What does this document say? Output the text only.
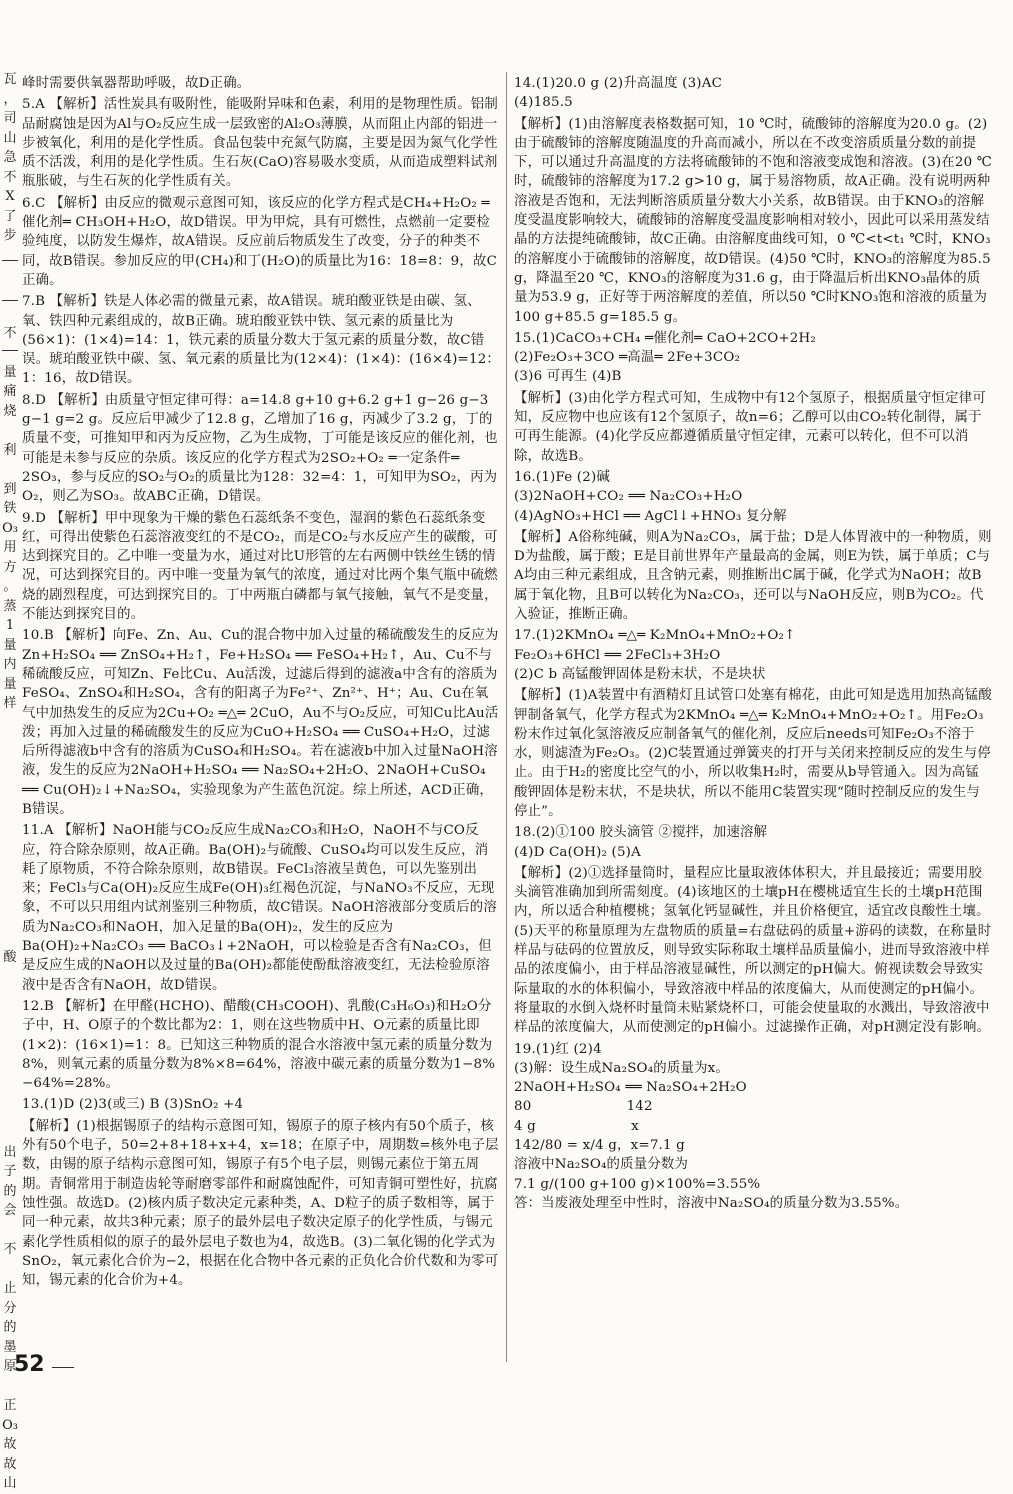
瓦
，
司
山
急
不
X
了
步
不
量
痛
烧
利
到
铁
O₃
用
方
。
蒸
1
量
内
量
样
酸
出
子
的
会
不
止
分
的
墨
原
正
O₃
故
故
山
峰时需要供氧器帮助呼吸，故D正确。
5.A 【解析】活性炭具有吸附性，能吸附异味和色素，利用的是物理性质。铝制品耐腐蚀是因为Al与O₂反应生成一层致密的Al₂O₃薄膜，从而阻止内部的铝进一步被氧化，利用的是化学性质。食品包装中充氮气防腐，主要是因为氮气化学性质不活泼，利用的是化学性质。生石灰(CaO)容易吸水变质，从而造成塑料试剂瓶胀破，与生石灰的化学性质有关。
6.C 【解析】由反应的微观示意图可知，该反应的化学方程式是CH₄+H₂O₂ ═催化剂═ CH₃OH+H₂O，故D错误。甲为甲烷，具有可燃性，点燃前一定要检验纯度，以防发生爆炸，故A错误。反应前后物质发生了改变，分子的种类不同，故B错误。参加反应的甲(CH₄)和丁(H₂O)的质量比为16：18=8：9，故C正确。
7.B 【解析】铁是人体必需的微量元素，故A错误。琥珀酸亚铁是由碳、氢、氧、铁四种元素组成的，故B正确。琥珀酸亚铁中铁、氢元素的质量比为(56×1)：(1×4)=14：1，铁元素的质量分数大于氢元素的质量分数，故C错误。琥珀酸亚铁中碳、氢、氧元素的质量比为(12×4)：(1×4)：(16×4)=12：1：16，故D错误。
8.D 【解析】由质量守恒定律可得：a=14.8 g+10 g+6.2 g+1 g−26 g−3 g−1 g=2 g。反应后甲减少了12.8 g，乙增加了16 g，丙减少了3.2 g，丁的质量不变，可推知甲和丙为反应物，乙为生成物，丁可能是该反应的催化剂，也可能是未参与反应的杂质。该反应的化学方程式为2SO₂+O₂ ═一定条件═ 2SO₃，参与反应的SO₂与O₂的质量比为128：32=4：1，可知甲为SO₂，丙为O₂，则乙为SO₃。故ABC正确，D错误。
9.D 【解析】甲中现象为干燥的紫色石蕊纸条不变色，湿润的紫色石蕊纸条变红，可得出使紫色石蕊溶液变红的不是CO₂，而是CO₂与水反应产生的碳酸，可达到探究目的。乙中唯一变量为水，通过对比U形管的左右两侧中铁丝生锈的情况，可达到探究目的。丙中唯一变量为氧气的浓度，通过对比两个集气瓶中硫燃烧的剧烈程度，可达到探究目的。丁中两瓶白磷都与氧气接触，氧气不是变量，不能达到探究目的。
10.B 【解析】向Fe、Zn、Au、Cu的混合物中加入过量的稀硫酸发生的反应为Zn+H₂SO₄ ══ ZnSO₄+H₂↑，Fe+H₂SO₄ ══ FeSO₄+H₂↑，Au、Cu不与稀硫酸反应，可知Zn、Fe比Cu、Au活泼，过滤后得到的滤液a中含有的溶质为FeSO₄、ZnSO₄和H₂SO₄，含有的阳离子为Fe²⁺、Zn²⁺、H⁺；Au、Cu在氧气中加热发生的反应为2Cu+O₂ ═△═ 2CuO，Au不与O₂反应，可知Cu比Au活泼；再加入过量的稀硫酸发生的反应为CuO+H₂SO₄ ══ CuSO₄+H₂O，过滤后所得滤液b中含有的溶质为CuSO₄和H₂SO₄。若在滤液b中加入过量NaOH溶液，发生的反应为2NaOH+H₂SO₄ ══ Na₂SO₄+2H₂O、2NaOH+CuSO₄ ══ Cu(OH)₂↓+Na₂SO₄，实验现象为产生蓝色沉淀。综上所述，ACD正确，B错误。
11.A 【解析】NaOH能与CO₂反应生成Na₂CO₃和H₂O，NaOH不与CO反应，符合除杂原则，故A正确。Ba(OH)₂与硫酸、CuSO₄均可以发生反应，消耗了原物质，不符合除杂原则，故B错误。FeCl₃溶液呈黄色，可以先鉴别出来；FeCl₃与Ca(OH)₂反应生成Fe(OH)₃红褐色沉淀，与NaNO₃不反应，无现象，不可以只用组内试剂鉴别三种物质，故C错误。NaOH溶液部分变质后的溶质为Na₂CO₃和NaOH，加入足量的Ba(OH)₂，发生的反应为Ba(OH)₂+Na₂CO₃ ══ BaCO₃↓+2NaOH，可以检验是否含有Na₂CO₃，但是反应生成的NaOH以及过量的Ba(OH)₂都能使酚酞溶液变红，无法检验原溶液中是否含有NaOH，故D错误。
12.B 【解析】在甲醛(HCHO)、醋酸(CH₃COOH)、乳酸(C₃H₆O₃)和H₂O分子中，H、O原子的个数比都为2：1，则在这些物质中H、O元素的质量比即(1×2)：(16×1)=1：8。已知这三种物质的混合水溶液中氢元素的质量分数为8%，则氧元素的质量分数为8%×8=64%，溶液中碳元素的质量分数为1−8%−64%=28%。
13.(1)D (2)3(或三) B (3)SnO₂ +4
【解析】(1)根据锡原子的结构示意图可知，锡原子的原子核内有50个质子，核外有50个电子，50=2+8+18+x+4，x=18；在原子中，周期数=核外电子层数，由锡的原子结构示意图可知，锡原子有5个电子层，则锡元素位于第五周期。青铜常用于制造齿轮等耐磨零部件和耐腐蚀配件，可知青铜可塑性好，抗腐蚀性强。故选D。(2)核内质子数决定元素种类，A、D粒子的质子数相等，属于同一种元素，故共3种元素；原子的最外层电子数决定原子的化学性质，与锡元素化学性质相似的原子的最外层电子数也为4，故选B。(3)二氧化锡的化学式为SnO₂，氧元素化合价为−2，根据在化合物中各元素的正负化合价代数和为零可知，锡元素的化合价为+4。
14.(1)20.0 g (2)升高温度 (3)AC
(4)185.5
【解析】(1)由溶解度表格数据可知，10 ℃时，硫酸铈的溶解度为20.0 g。(2)由于硫酸铈的溶解度随温度的升高而减小，所以在不改变溶质质量分数的前提下，可以通过升高温度的方法将硫酸铈的不饱和溶液变成饱和溶液。(3)在20 ℃时，硫酸铈的溶解度为17.2 g>10 g，属于易溶物质，故A正确。没有说明两种溶液是否饱和，无法判断溶质质量分数大小关系，故B错误。由于KNO₃的溶解度受温度影响较大，硫酸铈的溶解度受温度影响相对较小，因此可以采用蒸发结晶的方法提纯硫酸铈，故C正确。由溶解度曲线可知，0 ℃<t<t₁ ℃时，KNO₃的溶解度小于硫酸铈的溶解度，故D错误。(4)50 ℃时，KNO₃的溶解度为85.5 g，降温至20 ℃，KNO₃的溶解度为31.6 g，由于降温后析出KNO₃晶体的质量为53.9 g，正好等于两溶解度的差值，所以50 ℃时KNO₃饱和溶液的质量为100 g+85.5 g=185.5 g。
15.(1)CaCO₃+CH₄ ═催化剂═ CaO+2CO+2H₂
(2)Fe₂O₃+3CO ═高温═ 2Fe+3CO₂
(3)6 可再生 (4)B
【解析】(3)由化学方程式可知，生成物中有12个氢原子，根据质量守恒定律可知，反应物中也应该有12个氢原子，故n=6；乙醇可以由CO₂转化制得，属于可再生能源。(4)化学反应都遵循质量守恒定律，元素可以转化，但不可以消除，故选B。
16.(1)Fe (2)碱
(3)2NaOH+CO₂ ══ Na₂CO₃+H₂O
(4)AgNO₃+HCl ══ AgCl↓+HNO₃ 复分解
【解析】A俗称纯碱，则A为Na₂CO₃，属于盐；D是人体胃液中的一种物质，则D为盐酸，属于酸；E是目前世界年产量最高的金属，则E为铁，属于单质；C与A均由三种元素组成，且含钠元素，则推断出C属于碱，化学式为NaOH；故B属于氧化物，且B可以转化为Na₂CO₃，还可以与NaOH反应，则B为CO₂。代入验证，推断正确。
17.(1)2KMnO₄ ═△═ K₂MnO₄+MnO₂+O₂↑
Fe₂O₃+6HCl ══ 2FeCl₃+3H₂O
(2)C b 高锰酸钾固体是粉末状，不是块状
【解析】(1)A装置中有酒精灯且试管口处塞有棉花，由此可知是选用加热高锰酸钾制备氧气，化学方程式为2KMnO₄ ═△═ K₂MnO₄+MnO₂+O₂↑。用Fe₂O₃粉末作过氧化氢溶液反应制备氧气的催化剂，反应后needs可知Fe₂O₃不溶于水，则滤渣为Fe₂O₃。(2)C装置通过弹簧夹的打开与关闭来控制反应的发生与停止。由于H₂的密度比空气的小，所以收集H₂时，需要从b导管通入。因为高锰酸钾固体是粉末状，不是块状，所以不能用C装置实现“随时控制反应的发生与停止”。
18.(2)①100 胶头滴管 ②搅拌，加速溶解
(4)D Ca(OH)₂ (5)A
【解析】(2)①选择量筒时，量程应比量取液体体积大，并且最接近；需要用胶头滴管准确加到所需刻度。(4)该地区的土壤pH在樱桃适宜生长的土壤pH范围内，所以适合种植樱桃；氢氧化钙显碱性，并且价格便宜，适宜改良酸性土壤。(5)天平的称量原理为左盘物质的质量=右盘砝码的质量+游码的读数，在称量时样品与砝码的位置放反，则导致实际称取土壤样品质量偏小，进而导致溶液中样品的浓度偏小，由于样品溶液显碱性，所以测定的pH偏大。俯视读数会导致实际量取的水的体积偏小，导致溶液中样品的浓度偏大，从而使测定的pH偏小。将量取的水倒入烧杯时量筒未贴紧烧杯口，可能会使量取的水溅出，导致溶液中样品的浓度偏大，从而使测定的pH偏小。过滤操作正确，对pH测定没有影响。
19.(1)红 (2)4
(3)解：设生成Na₂SO₄的质量为x。
2NaOH+H₂SO₄ ══ Na₂SO₄+2H₂O
80　　　　　　　142
4 g　　　　　　　x
142/80 = x/4 g，x=7.1 g
溶液中Na₂SO₄的质量分数为
7.1 g/(100 g+100 g)×100%=3.55%
答：当废液处理至中性时，溶液中Na₂SO₄的质量分数为3.55%。
52
